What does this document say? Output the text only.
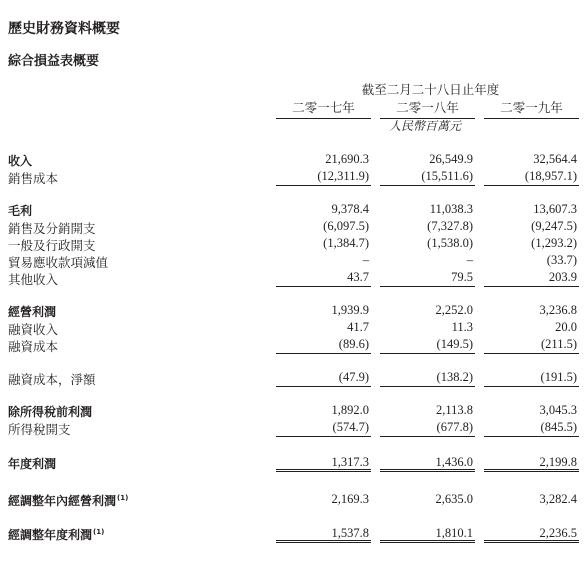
歷史財務資料概要
綜合損益表概要
截至二月二十八日止年度
二零一七年	二零一八年	二零一九年
人民幣百萬元
收入	21,690.3	26,549.9	32,564.4
銷售成本	(12,311.9)	(15,511.6)	(18,957.1)
毛利	9,378.4	11,038.3	13,607.3
銷售及分銷開支	(6,097.5)	(7,327.8)	(9,247.5)
一般及行政開支	(1,384.7)	(1,538.0)	(1,293.2)
貿易應收款項減值	–	–	(33.7)
其他收入	43.7	79.5	203.9
經營利潤	1,939.9	2,252.0	3,236.8
融資收入	41.7	11.3	20.0
融資成本	(89.6)	(149.5)	(211.5)
融資成本，淨額	(47.9)	(138.2)	(191.5)
除所得稅前利潤	1,892.0	2,113.8	3,045.3
所得稅開支	(574.7)	(677.8)	(845.5)
年度利潤	1,317.3	1,436.0	2,199.8
經調整年內經營利潤$^{(1)}$	2,169.3	2,635.0	3,282.4
經調整年度利潤$^{(1)}$	1,537.8	1,810.1	2,236.5
